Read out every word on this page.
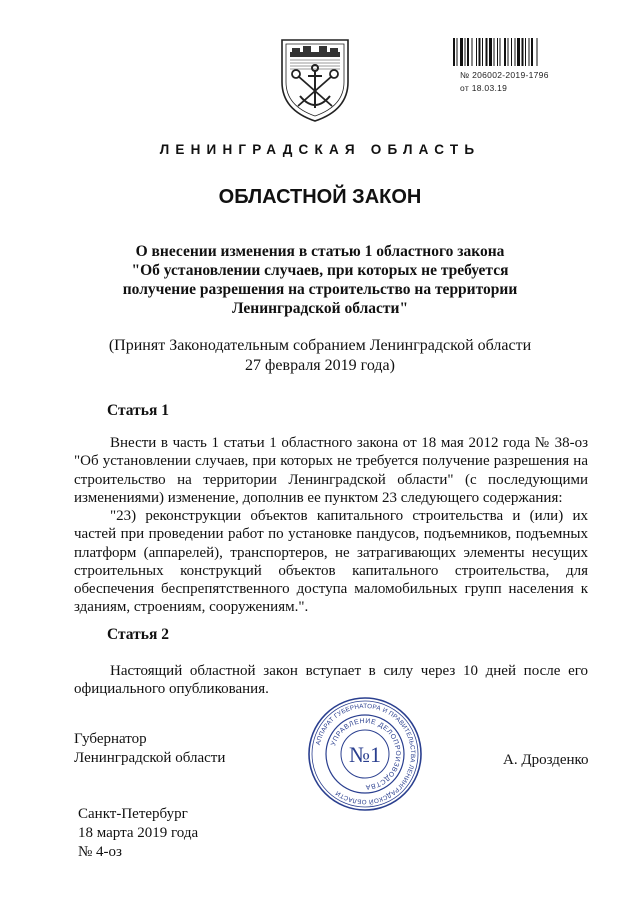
№ 206002-2019-1796
от 18.03.19
ЛЕНИНГРАДСКАЯ ОБЛАСТЬ
ОБЛАСТНОЙ ЗАКОН
О внесении изменения в статью 1 областного закона
"Об установлении случаев, при которых не требуется
получение разрешения на строительство на территории
Ленинградской области"
(Принят Законодательным собранием Ленинградской области
27 февраля 2019 года)
Статья 1

Внести в часть 1 статьи 1 областного закона от 18 мая 2012 года № 38-оз "Об установлении случаев, при которых не требуется получение разрешения на строительство на территории Ленинградской области" (с последующими изменениями) изменение, дополнив ее пунктом 23 следующего содержания:

"23) реконструкции объектов капитального строительства и (или) их частей при проведении работ по установке пандусов, подъемников, подъемных платформ (аппарелей), транспортеров, не затрагивающих элементы несущих строительных конструкций объектов капитального строительства, для обеспечения беспрепятственного доступа маломобильных групп населения к зданиям, строениям, сооружениям.".

Статья 2

Настоящий областной закон вступает в силу через 10 дней после его официального опубликования.

Губернатор
Ленинградской области	А. Дрозденко
АППАРАТ ГУБЕРНАТОРА И ПРАВИТЕЛЬСТВА ЛЕНИНГРАДСКОЙ ОБЛАСТИ
УПРАВЛЕНИЕ ДЕЛОПРОИЗВОДСТВА
№1
Санкт-Петербург
18 марта 2019 года
№ 4-оз
